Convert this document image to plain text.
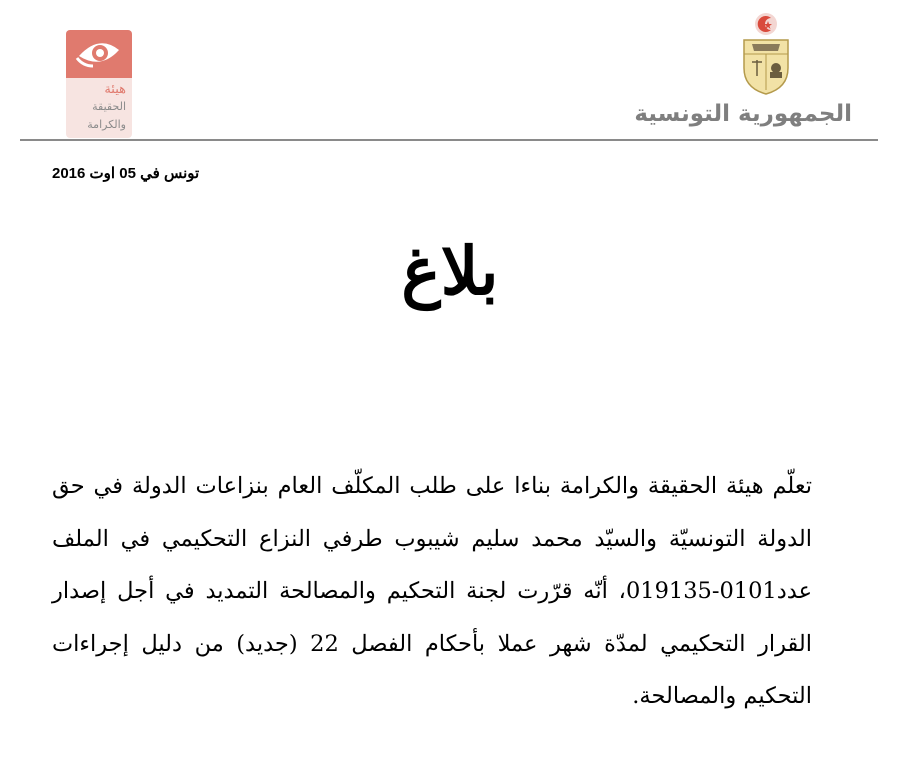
هيئة
الحقيقة
والكرامة	الجمهورية التونسية
تونس في 05 اوت 2016
بلاغ
تعلّم هيئة الحقيقة والكرامة بناءا على طلب المكلّف العام بنزاعات الدولة في حق الدولة التونسيّة والسيّد محمد سليم شيبوب طرفي النزاع التحكيمي في الملف عدد0101-019135، أنّه قرّرت لجنة التحكيم والمصالحة التمديد في أجل إصدار القرار التحكيمي لمدّة شهر عملا بأحكام الفصل 22 (جديد) من دليل إجراءات التحكيم والمصالحة.
